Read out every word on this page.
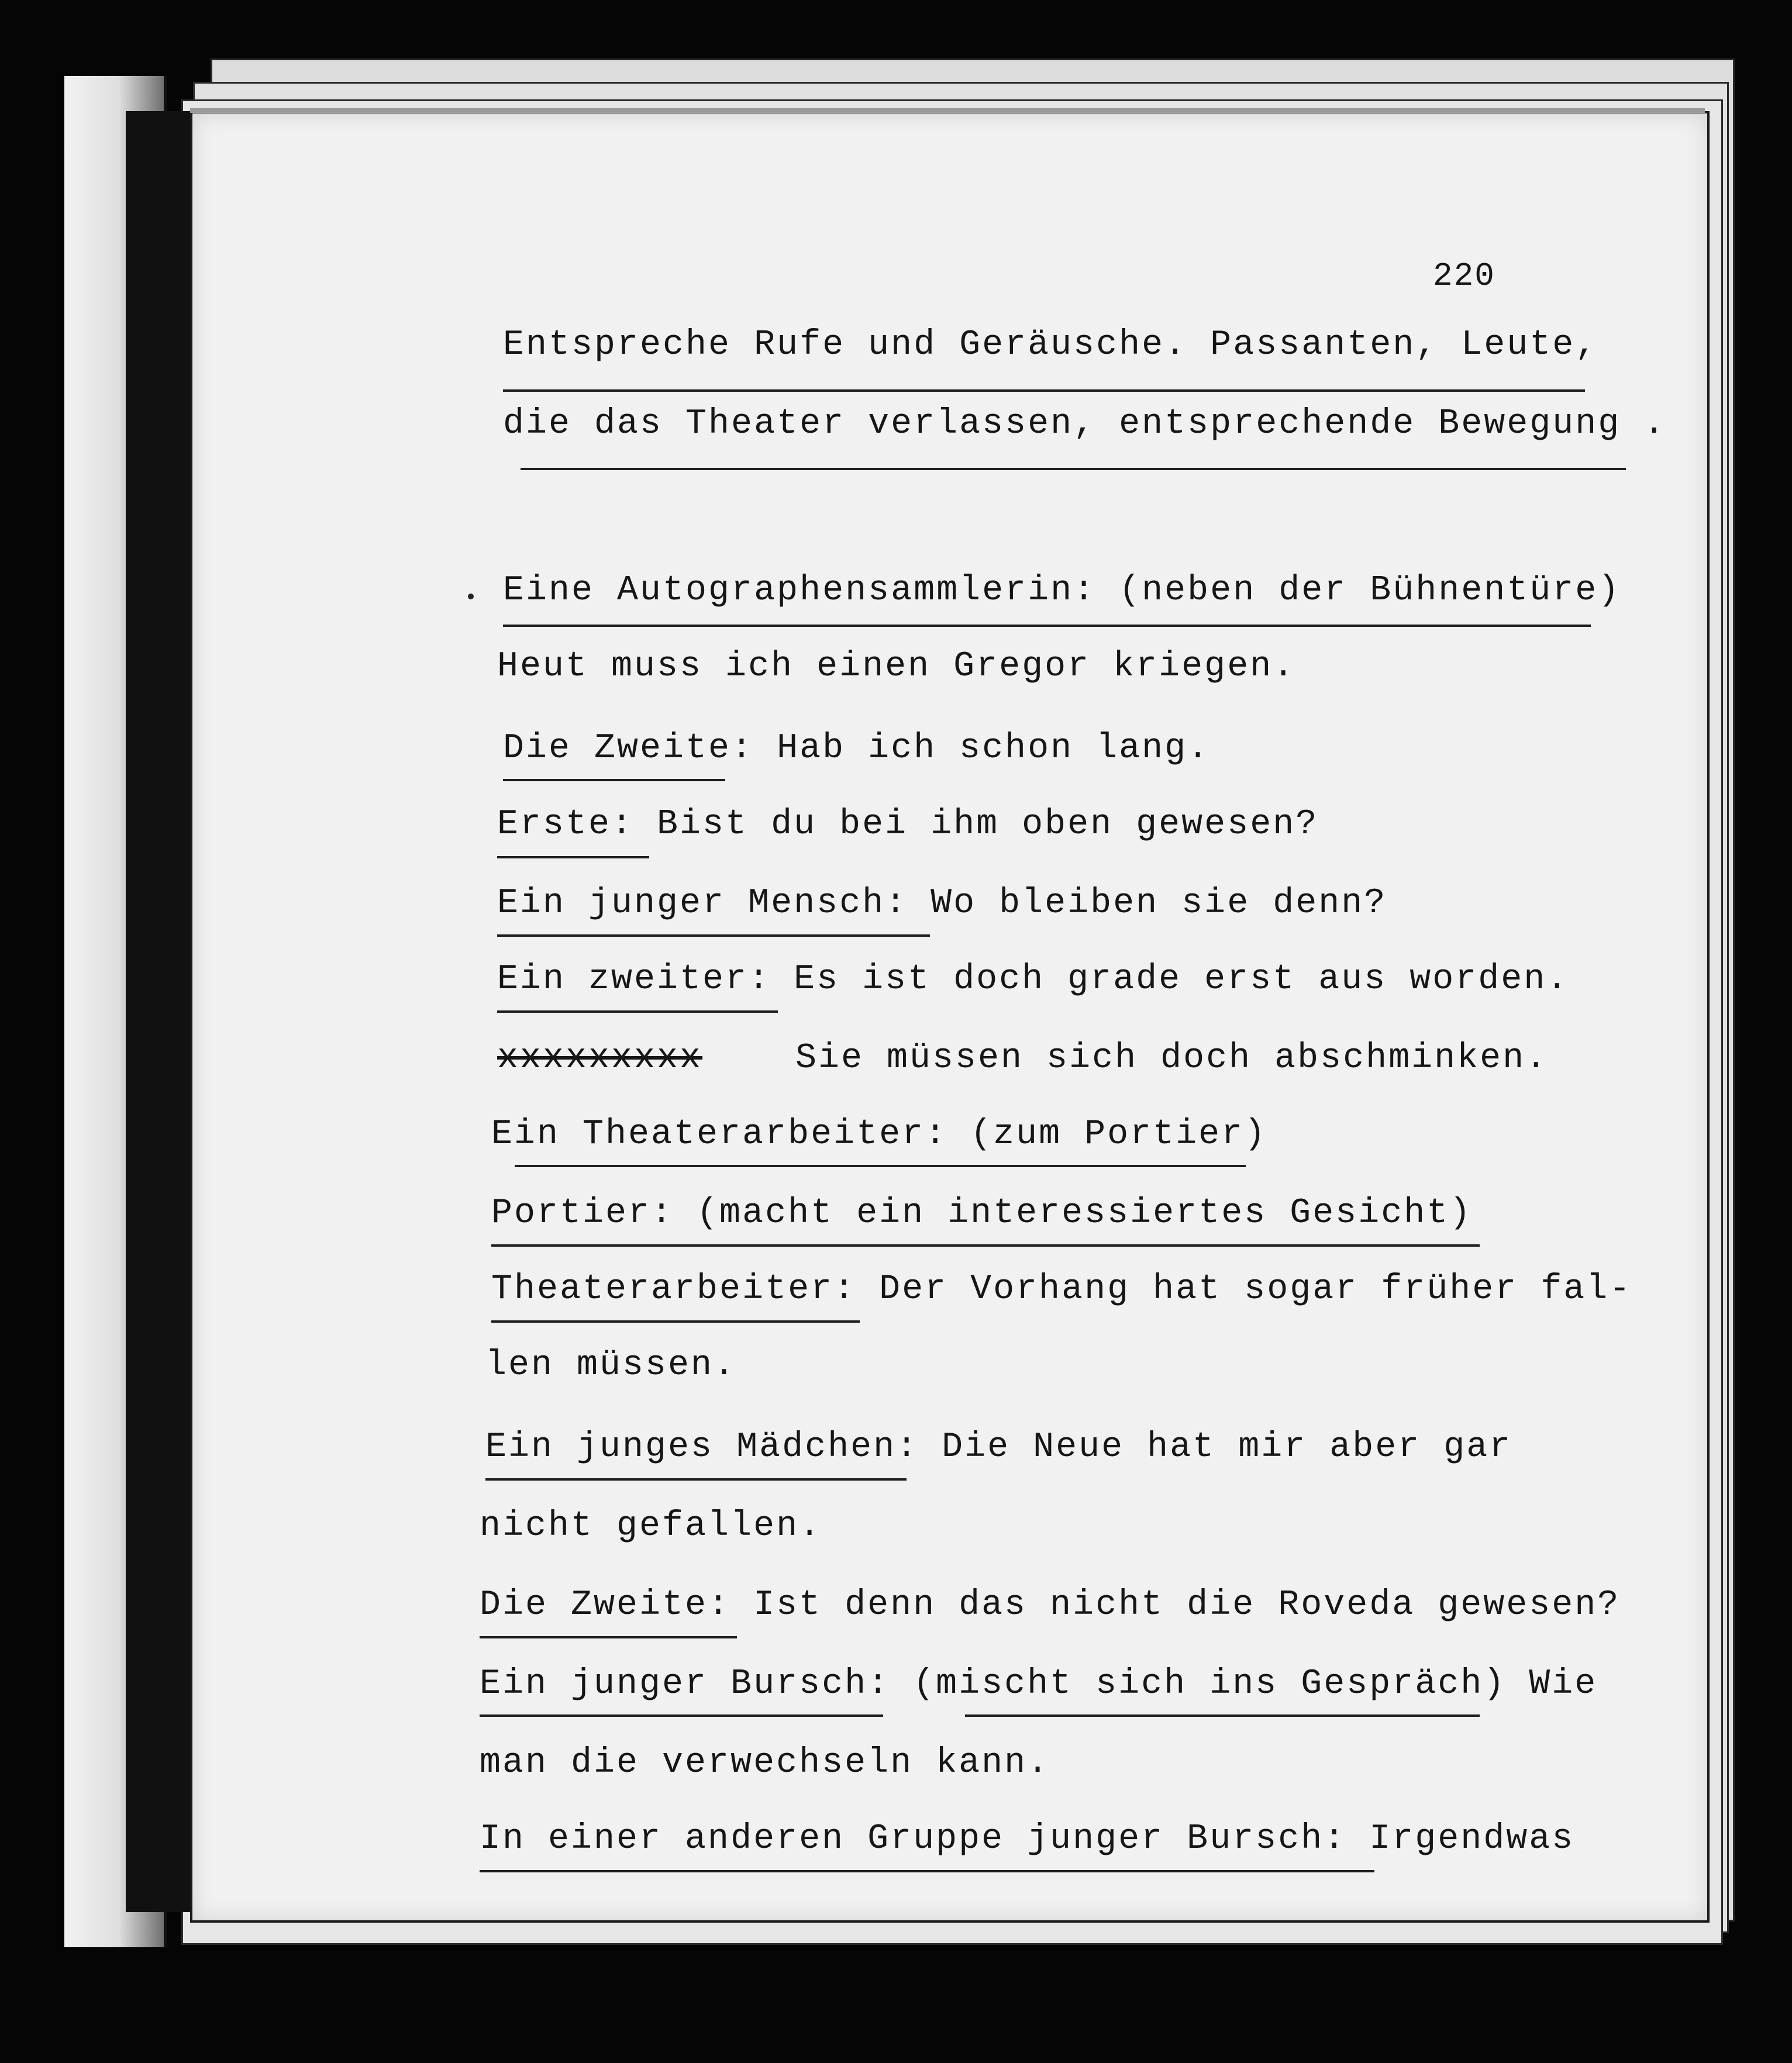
220
Entspreche Rufe und Geräusche. Passanten, Leute,
die das Theater verlassen, entsprechende Bewegung .
Eine Autographensammlerin: (neben der Bühnentüre)
Heut muss ich einen Gregor kriegen.
Die Zweite: Hab ich schon lang.
Erste: Bist du bei ihm oben gewesen?
Ein junger Mensch: Wo bleiben sie denn?
Ein zweiter: Es ist doch grade erst aus worden.
xxxxxxxxx	Sie müssen sich doch abschminken.
Ein Theaterarbeiter: (zum Portier)
Portier: (macht ein interessiertes Gesicht)
Theaterarbeiter: Der Vorhang hat sogar früher fal-
len müssen.
Ein junges Mädchen: Die Neue hat mir aber gar
nicht gefallen.
Die Zweite: Ist denn das nicht die Roveda gewesen?
Ein junger Bursch: (mischt sich ins Gespräch) Wie
man die verwechseln kann.
In einer anderen Gruppe junger Bursch: Irgendwas
